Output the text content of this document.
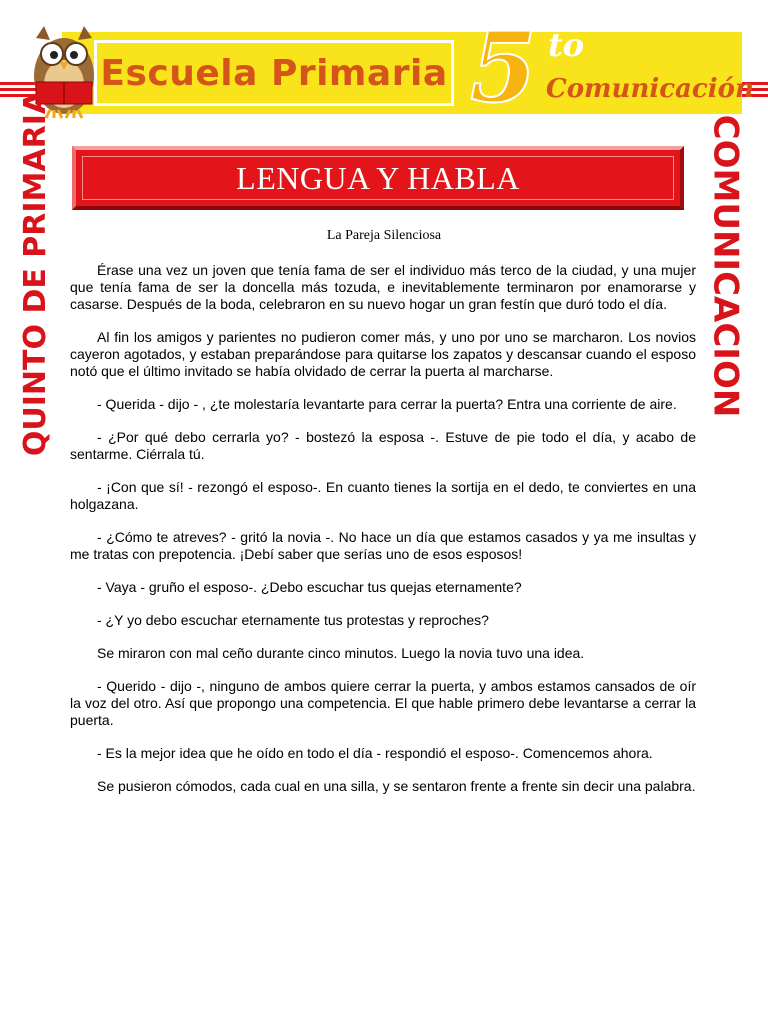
Escuela Primaria 5 to
Comunicación
QUINTO DE PRIMARIA	COMUNICACION
LENGUA Y HABLA
La Pareja Silenciosa

Érase una vez un joven que tenía fama de ser el individuo más terco de la ciudad, y una mujer que tenía fama de ser la doncella más tozuda, e inevitablemente terminaron por enamorarse y casarse. Después de la boda, celebraron en su nuevo hogar un gran festín que duró todo el día.

Al fin los amigos y parientes no pudieron comer más, y uno por uno se marcharon. Los novios cayeron agotados, y estaban preparándose para quitarse los zapatos y descansar cuando el esposo notó que el último invitado se había olvidado de cerrar la puerta al marcharse.

- Querida - dijo - , ¿te molestaría levantarte para cerrar la puerta? Entra una corriente de aire.

- ¿Por qué debo cerrarla yo? - bostezó la esposa -. Estuve de pie todo el día, y acabo de sentarme. Ciérrala tú.

- ¡Con que sí! - rezongó el esposo-. En cuanto tienes la sortija en el dedo, te conviertes en una holgazana.

- ¿Cómo te atreves? - gritó la novia -. No hace un día que estamos casados y ya me insultas y me tratas con prepotencia. ¡Debí saber que serías uno de esos esposos!

- Vaya - gruño el esposo-. ¿Debo escuchar tus quejas eternamente?

- ¿Y yo debo escuchar eternamente tus protestas y reproches?

Se miraron con mal ceño durante cinco minutos. Luego la novia tuvo una idea.

- Querido - dijo -, ninguno de ambos quiere cerrar la puerta, y ambos estamos cansados de oír la voz del otro. Así que propongo una competencia. El que hable primero debe levantarse a cerrar la puerta.

- Es la mejor idea que he oído en todo el día - respondió el esposo-. Comencemos ahora.

Se pusieron cómodos, cada cual en una silla, y se sentaron frente a frente sin decir una palabra.
